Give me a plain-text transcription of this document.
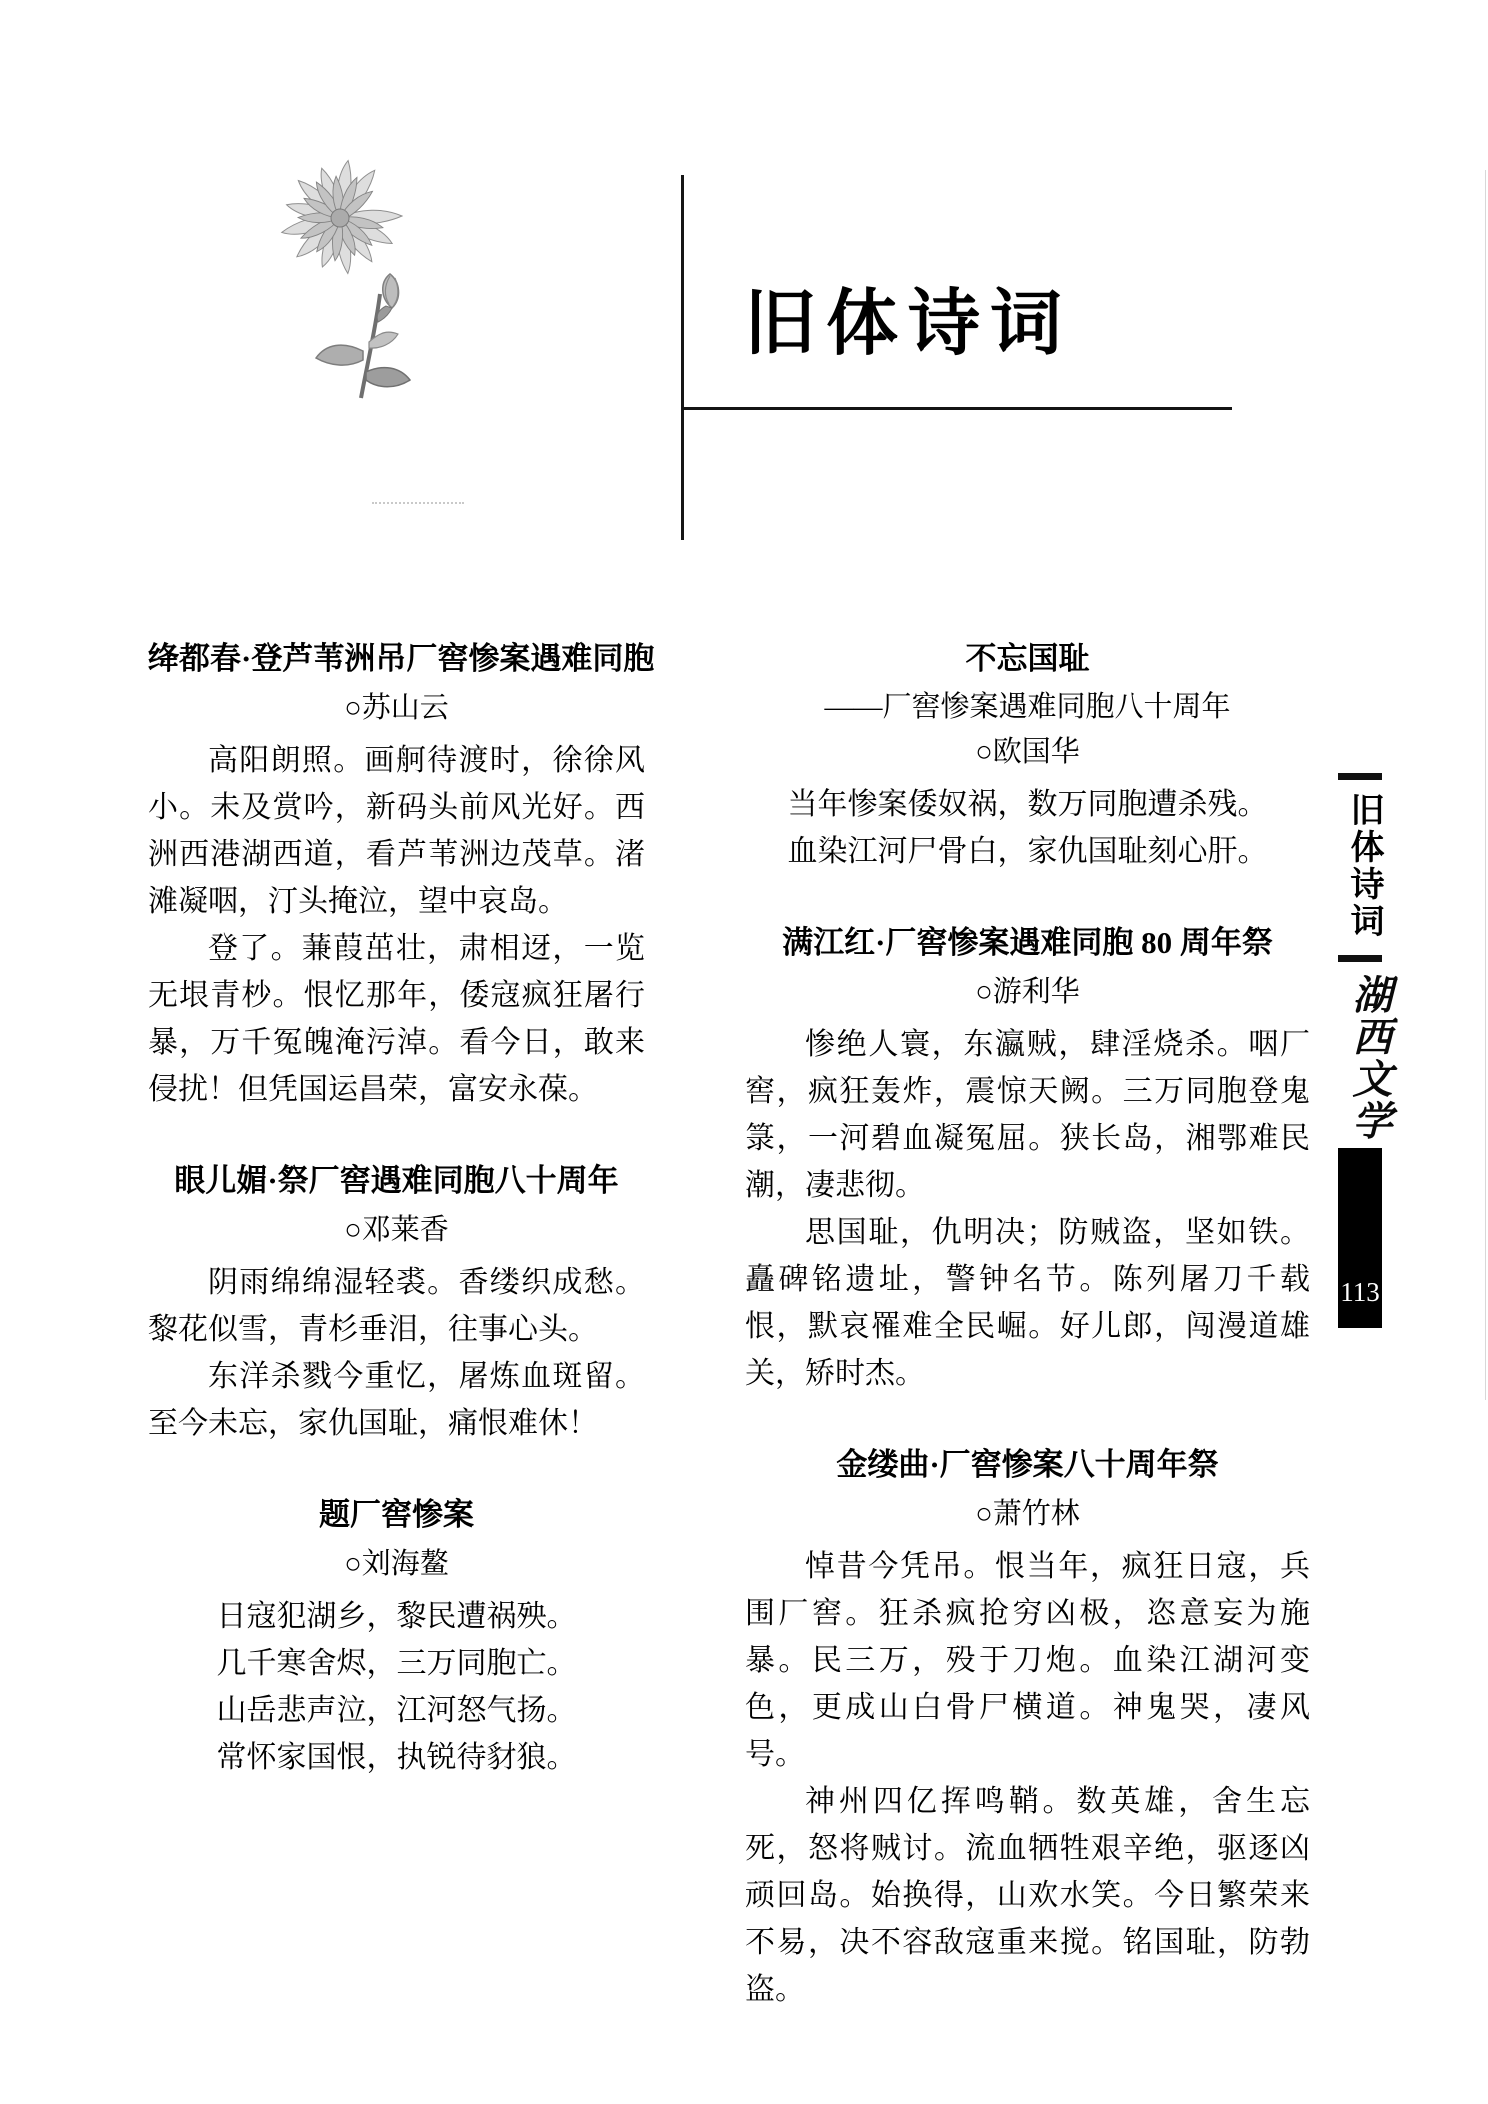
旧体诗词
绛都春·登芦苇洲吊厂窖惨案遇难同胞
○苏山云

高阳朗照。画舸待渡时，徐徐风小。未及赏吟，新码头前风光好。西洲西港湖西道，看芦苇洲边茂草。渚滩凝咽，汀头掩泣，望中哀岛。

登了。蒹葭茁壮，肃相迓，一览无垠青杪。恨忆那年，倭寇疯狂屠行暴，万千冤魄淹污淖。看今日，敢来侵扰！但凭国运昌荣，富安永葆。

眼儿媚·祭厂窖遇难同胞八十周年
○邓莱香

阴雨绵绵湿轻裘。香缕织成愁。黎花似雪，青杉垂泪，往事心头。

东洋杀戮今重忆，屠炼血斑留。至今未忘，家仇国耻，痛恨难休！

题厂窖惨案
○刘海鳌
日寇犯湖乡，黎民遭祸殃。
几千寒舍烬，三万同胞亡。
山岳悲声泣，江河怒气扬。
常怀家国恨，执锐待豺狼。
不忘国耻
——厂窖惨案遇难同胞八十周年
○欧国华
当年惨案倭奴祸，数万同胞遭杀残。
血染江河尸骨白，家仇国耻刻心肝。
满江红·厂窖惨案遇难同胞 80 周年祭
○游利华

惨绝人寰，东瀛贼，肆淫烧杀。咽厂窖，疯狂轰炸，震惊天阙。三万同胞登鬼箓，一河碧血凝冤屈。狭长岛，湘鄂难民潮，凄悲彻。

思国耻，仇明决；防贼盗，坚如铁。矗碑铭遗址，警钟名节。陈列屠刀千载恨，默哀罹难全民崛。好儿郎，闯漫道雄关，矫时杰。

金缕曲·厂窖惨案八十周年祭
○萧竹林

悼昔今凭吊。恨当年，疯狂日寇，兵围厂窖。狂杀疯抢穷凶极，恣意妄为施暴。民三万，殁于刀炮。血染江湖河变色，更成山白骨尸横道。神鬼哭，凄风号。

神州四亿挥鸣鞘。数英雄，舍生忘死，怒将贼讨。流血牺牲艰辛绝，驱逐凶顽回岛。始换得，山欢水笑。今日繁荣来不易，决不容敌寇重来搅。铭国耻，防勃盗。

旧体诗词
湖西文学
113
